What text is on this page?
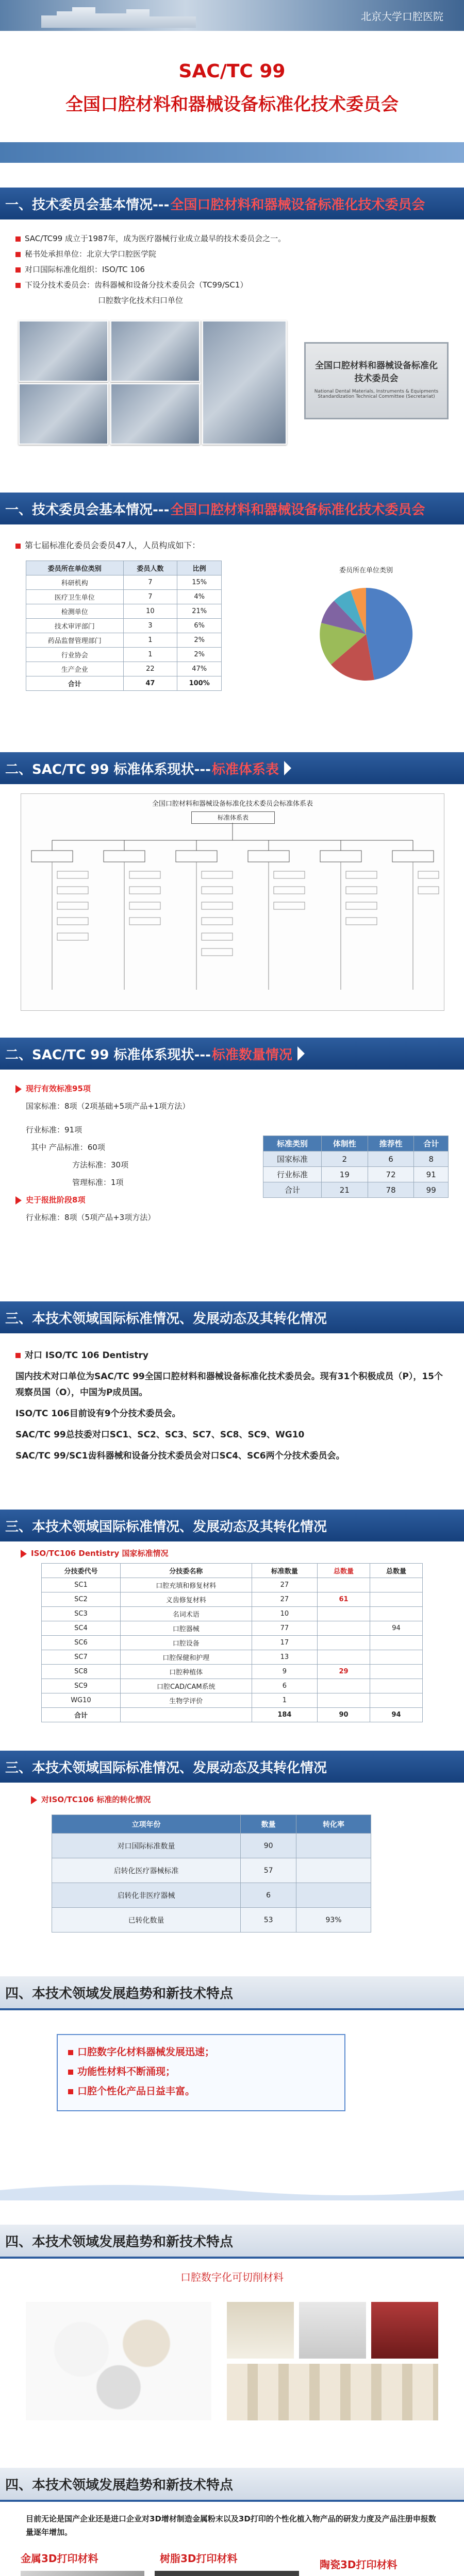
北京大学口腔医院
SAC/TC 99
全国口腔材料和器械设备标准化技术委员会
一、技术委员会基本情况--- 全国口腔材料和器械设备标准化技术委员会
SAC/TC99 成立于1987年，成为医疗器械行业成立最早的技术委员会之一。
秘书处承担单位：北京大学口腔医学院
对口国际标准化组织：ISO/TC 106
下设分技术委员会：齿科器械和设备分技术委员会（TC99/SC1）
口腔数字化技术归口单位
全国口腔材料和器械设备标准化技术委员会
National Dental Materials, Instruments & Equipments Standardization Technical Committee (Secretariat)
一、技术委员会基本情况--- 全国口腔材料和器械设备标准化技术委员会
第七届标准化委员会委员47人，人员构成如下：
委员所在单位类别	委员人数	比例
科研机构	7	15%
医疗卫生单位	7	4%
检测单位	10	21%
技术审评部门	3	6%
药品监督管理部门	1	2%
行业协会	1	2%
生产企业	22	47%
合计	47	100%
委员所在单位类别
二、SAC/TC 99 标准体系现状--- 标准体系表
全国口腔材料和器械设备标准化技术委员会标准体系表
标准体系表
二、SAC/TC 99 标准体系现状--- 标准数量情况
现行有效标准95项
国家标准：8项（2项基础+5项产品+1项方法）
行业标准：91项
其中 产品标准：60项
方法标准：30项
管理标准：1项
史于报批阶段8项
行业标准：8项（5项产品+3项方法）
标准类别	体制性	推荐性	合计
国家标准	2	6	8
行业标准	19	72	91
合计	21	78	99
三、本技术领域国际标准情况、发展动态及其转化情况
对口 ISO/TC 106 Dentistry
国内技术对口单位为SAC/TC 99全国口腔材料和器械设备标准化技术委员会。现有31个积极成员（P），15个观察员国（O），中国为P成员国。
ISO/TC 106目前设有9个分技术委员会。
SAC/TC 99总技委对口SC1、SC2、SC3、SC7、SC8、SC9、WG10
SAC/TC 99/SC1齿科器械和设备分技术委员会对口SC4、SC6两个分技术委员会。
三、本技术领域国际标准情况、发展动态及其转化情况
ISO/TC106 Dentistry 国家标准情况
分技委代号	分技委名称	标准数量	总数量	总数量
SC1	口腔充填和修复材料	27		
SC2	义齿修复材料	27	61	
SC3	名词术语	10		
SC4	口腔器械	77		94
SC6	口腔设备	17		
SC7	口腔保健和护理	13		
SC8	口腔种植体	9	29	
SC9	口腔CAD/CAM系统	6		
WG10	生物学评价	1		
合计		184	90	94
三、本技术领域国际标准情况、发展动态及其转化情况
对ISO/TC106 标准的转化情况
立项年份	数量	转化率
对口国际标准数量	90	
启转化医疗器械标准	57	
启转化非医疗器械	6	
已转化数量	53	93%
四、本技术领域发展趋势和新技术特点
口腔数字化材料器械发展迅速；
功能性材料不断涌现；
口腔个性化产品日益丰富。
四、本技术领域发展趋势和新技术特点
口腔数字化可切削材料
四、本技术领域发展趋势和新技术特点
目前无论是国产企业还是进口企业对3D增材制造金属粉末以及3D打印的个性化植入物产品的研发力度及产品注册申报数量逐年增加。
金属3D打印材料	树脂3D打印材料	陶瓷3D打印材料
